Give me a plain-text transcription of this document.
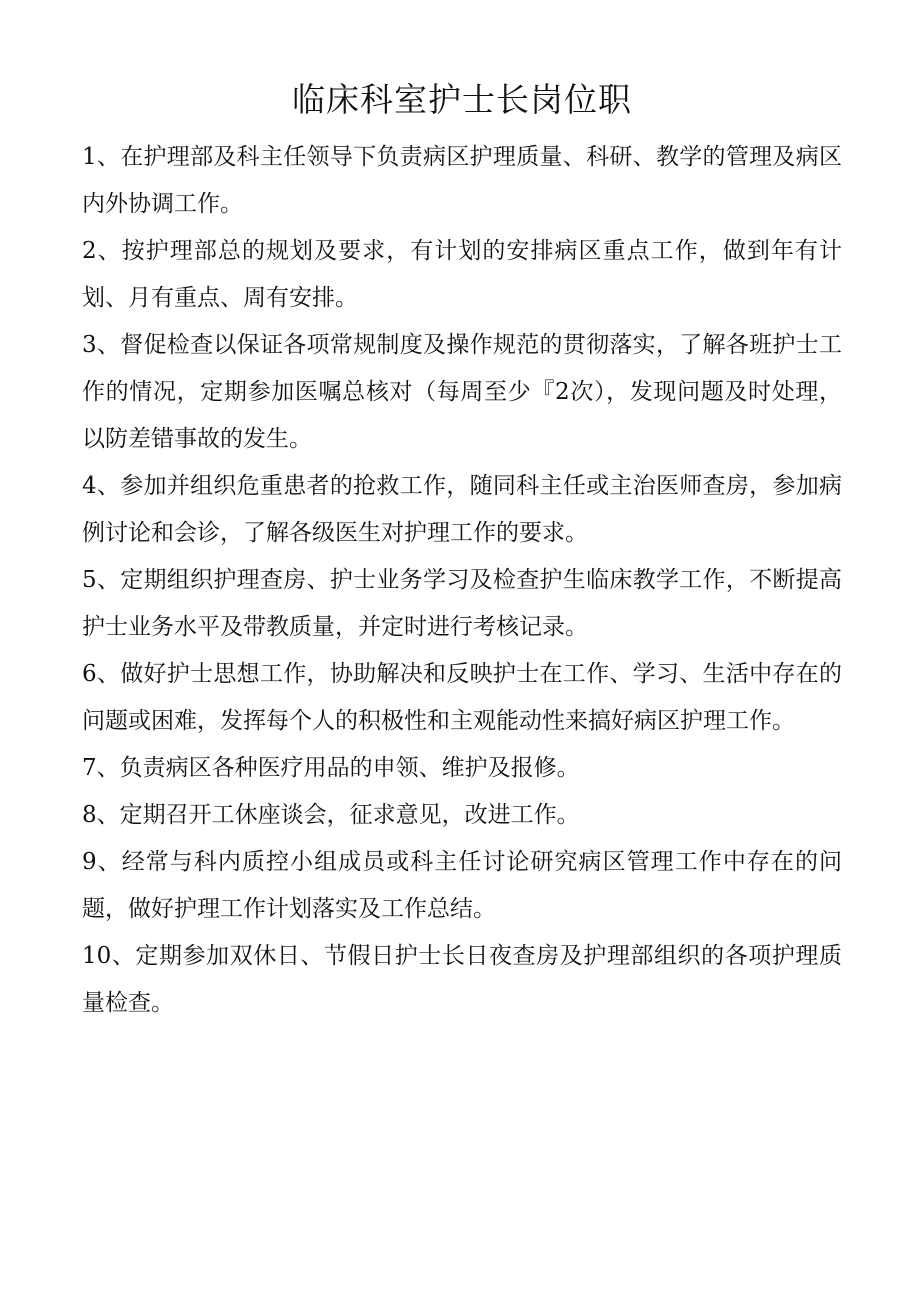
临床科室护士长岗位职
1、在护理部及科主任领导下负责病区护理质量、科研、教学的管理及病区内外协调工作。
2、按护理部总的规划及要求，有计划的安排病区重点工作，做到年有计划、月有重点、周有安排。
3、督促检查以保证各项常规制度及操作规范的贯彻落实，了解各班护士工作的情况，定期参加医嘱总核对（每周至少『2次），发现问题及时处理，以防差错事故的发生。
4、参加并组织危重患者的抢救工作，随同科主任或主治医师查房，参加病例讨论和会诊，了解各级医生对护理工作的要求。
5、定期组织护理查房、护士业务学习及检查护生临床教学工作，不断提高护士业务水平及带教质量，并定时进行考核记录。
6、做好护士思想工作，协助解决和反映护士在工作、学习、生活中存在的问题或困难，发挥每个人的积极性和主观能动性来搞好病区护理工作。
7、负责病区各种医疗用品的申领、维护及报修。
8、定期召开工休座谈会，征求意见，改进工作。
9、经常与科内质控小组成员或科主任讨论研究病区管理工作中存在的问题，做好护理工作计划落实及工作总结。
10、定期参加双休日、节假日护士长日夜查房及护理部组织的各项护理质量检查。
